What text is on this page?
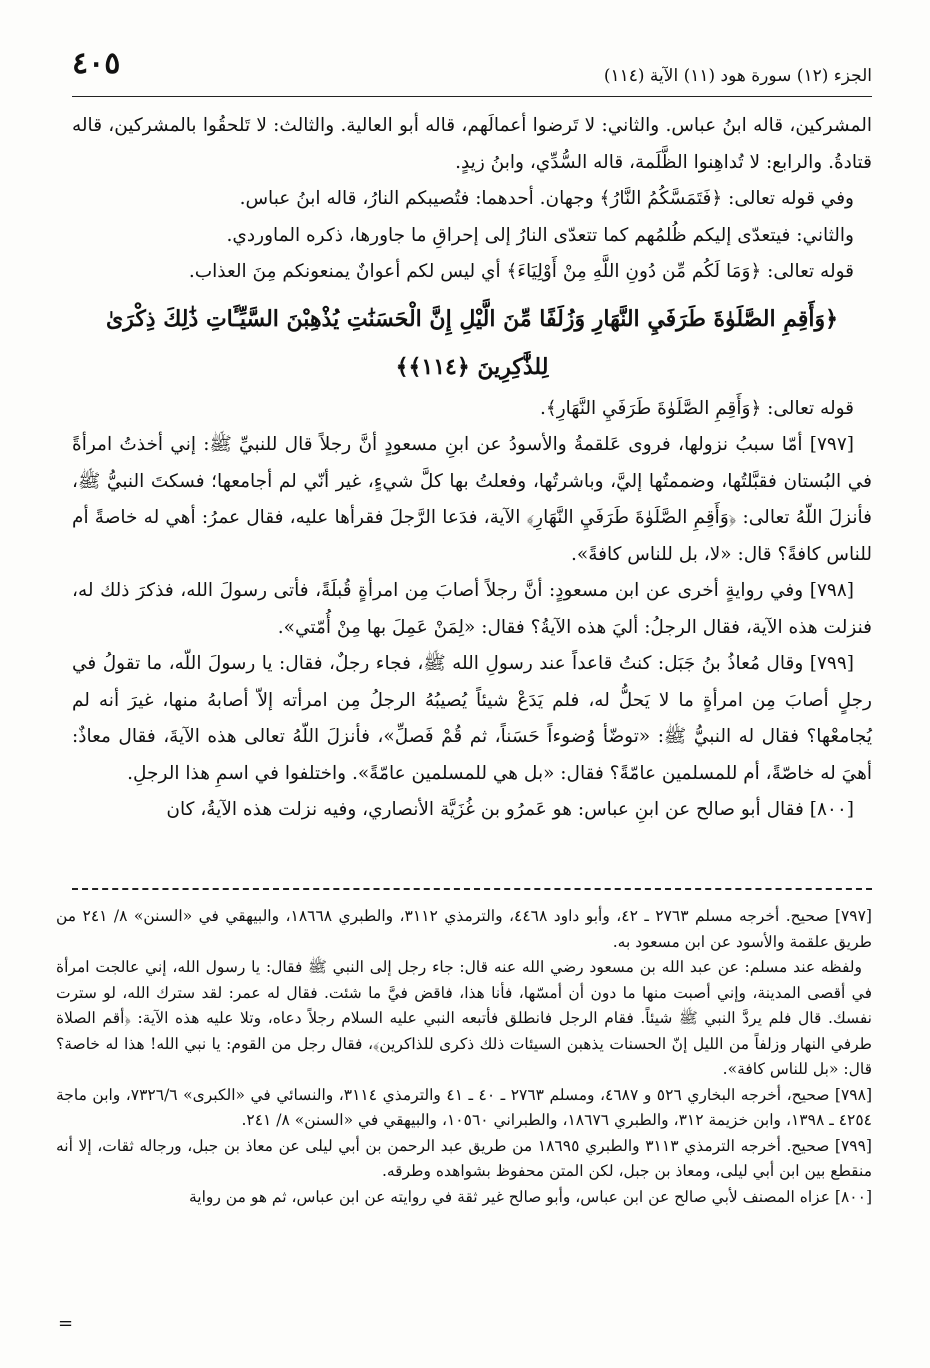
٤٠٥	الجزء (١٢) سورة هود (١١) الآية (١١٤)

المشركين، قاله ابنُ عباس. والثاني: لا تَرضوا أعمالَهم، قاله أبو العالية. والثالث: لا تَلحقُوا بالمشركين، قاله قتادةُ. والرابع: لا تُداهِنوا الظَّلَمة، قاله السُّدِّي، وابنُ زيدٍ.

وفي قوله تعالى: ﴿فَتَمَسَّكُمُ النَّارُ﴾ وجهان. أحدهما: فتُصيبكم النارُ، قاله ابنُ عباس.

والثاني: فيتعدّى إليكم ظُلمُهم كما تتعدّى النارُ إلى إحراقِ ما جاورها، ذكره الماوردي.

قوله تعالى: ﴿وَمَا لَكُم مِّن دُونِ اللَّهِ مِنْ أَوْلِيَاءَ﴾ أي ليس لكم أعوانٌ يمنعونكم مِنَ العذاب.

﴿وَأَقِمِ الصَّلَوٰةَ طَرَفَيِ النَّهَارِ وَزُلَفًا مِّنَ الَّيْلِ إِنَّ الْحَسَنَٰتِ يُذْهِبْنَ السَّيِّـَٔاتِ ذَٰلِكَ ذِكْرَىٰ لِلذَّٰكِرِينَ ﴿١١٤﴾﴾

قوله تعالى: ﴿وَأَقِمِ الصَّلَوٰةَ طَرَفَيِ النَّهَارِ﴾.

[٧٩٧] أمّا سببُ نزولها، فروى عَلقمةُ والأسودُ عن ابنِ مسعودٍ أنَّ رجلاً قال للنبيِّ ﷺ: إني أخذتُ امرأةً في البُستان فقبَّلتُها، وضممتُها إليَّ، وباشرتُها، وفعلتُ بها كلَّ شيءٍ، غير أنّي لم أجامعها؛ فسكتَ النبيُّ ﷺ، فأنزلَ اللّهُ تعالى: ﴿وَأَقِمِ الصَّلَوٰةَ طَرَفَيِ النَّهَارِ﴾ الآية، فدَعا الرَّجلَ فقرأها عليه، فقال عمرُ: أهي له خاصةً أم للناس كافةً؟ قال: «لا، بل للناس كافةً».

[٧٩٨] وفي روايةٍ أخرى عن ابن مسعودٍ: أنَّ رجلاً أصابَ مِن امرأةٍ قُبلَةً، فأتى رسولَ الله، فذكرَ ذلك له، فنزلت هذه الآية، فقال الرجلُ: أليَ هذه الآيةُ؟ فقال: «لِمَنْ عَمِلَ بها مِنْ أُمّتي».

[٧٩٩] وقال مُعاذُ بنُ جَبَل: كنتُ قاعداً عند رسولِ الله ﷺ، فجاء رجلٌ، فقال: يا رسولَ اللّه، ما تقولُ في رجلٍ أصابَ مِن امرأةٍ ما لا يَحلُّ له، فلم يَدَعْ شيئاً يُصيبُهُ الرجلُ مِن امرأته إلاّ أصابهُ منها، غيرَ أنه لم يُجامعْها؟ فقال له النبيُّ ﷺ: «توضّأ وُضوءاً حَسَناً، ثم قُمْ فَصلِّ»، فأنزلَ اللّهُ تعالى هذه الآيةَ، فقال معاذٌ: أهيَ له خاصّةً، أم للمسلمين عامّةً؟ فقال: «بل هي للمسلمين عامّةً». واختلفوا في اسمِ هذا الرجلِ.

[٨٠٠] فقال أبو صالح عن ابنِ عباس: هو عَمرُو بن غُزَيَّة الأنصاري، وفيه نزلت هذه الآيةُ، كان

[٧٩٧] صحيح. أخرجه مسلم ٢٧٦٣ ـ ٤٢، وأبو داود ٤٤٦٨، والترمذي ٣١١٢، والطبري ١٨٦٦٨، والبيهقي في «السنن» ٨/ ٢٤١ من طريق علقمة والأسود عن ابن مسعود به.

ولفظه عند مسلم: عن عبد الله بن مسعود رضي الله عنه قال: جاء رجل إلى النبي ﷺ فقال: يا رسول الله، إني عالجت امرأة في أقصى المدينة، وإني أصبت منها ما دون أن أمسّها، فأنا هذا، فاقض فيَّ ما شئت. فقال له عمر: لقد سترك الله، لو سترت نفسك. قال فلم يردَّ النبي ﷺ شيئاً. فقام الرجل فانطلق فأتبعه النبي عليه السلام رجلاً دعاه، وتلا عليه هذه الآية: ﴿أقم الصلاة طرفي النهار وزلفاً من الليل إنّ الحسنات يذهبن السيئات ذلك ذكرى للذاكرين﴾، فقال رجل من القوم: يا نبي الله! هذا له خاصة؟ قال: «بل للناس كافة».

[٧٩٨] صحيح، أخرجه البخاري ٥٢٦ و ٤٦٨٧، ومسلم ٢٧٦٣ ـ ٤٠ ـ ٤١ والترمذي ٣١١٤، والنسائي في «الكبرى» ٧٣٢٦/٦، وابن ماجة ٤٢٥٤ ـ ١٣٩٨، وابن خزيمة ٣١٢، والطبري ١٨٦٧٦، والطبراني ١٠٥٦٠، والبيهقي في «السنن» ٨/ ٢٤١.

[٧٩٩] صحيح. أخرجه الترمذي ٣١١٣ والطبري ١٨٦٩٥ من طريق عبد الرحمن بن أبي ليلى عن معاذ بن جبل، ورجاله ثقات، إلا أنه منقطع بين ابن أبي ليلى، ومعاذ بن جبل، لكن المتن محفوظ بشواهده وطرقه.

[٨٠٠] عزاه المصنف لأبي صالح عن ابن عباس، وأبو صالح غير ثقة في روايته عن ابن عباس، ثم هو من رواية

=
